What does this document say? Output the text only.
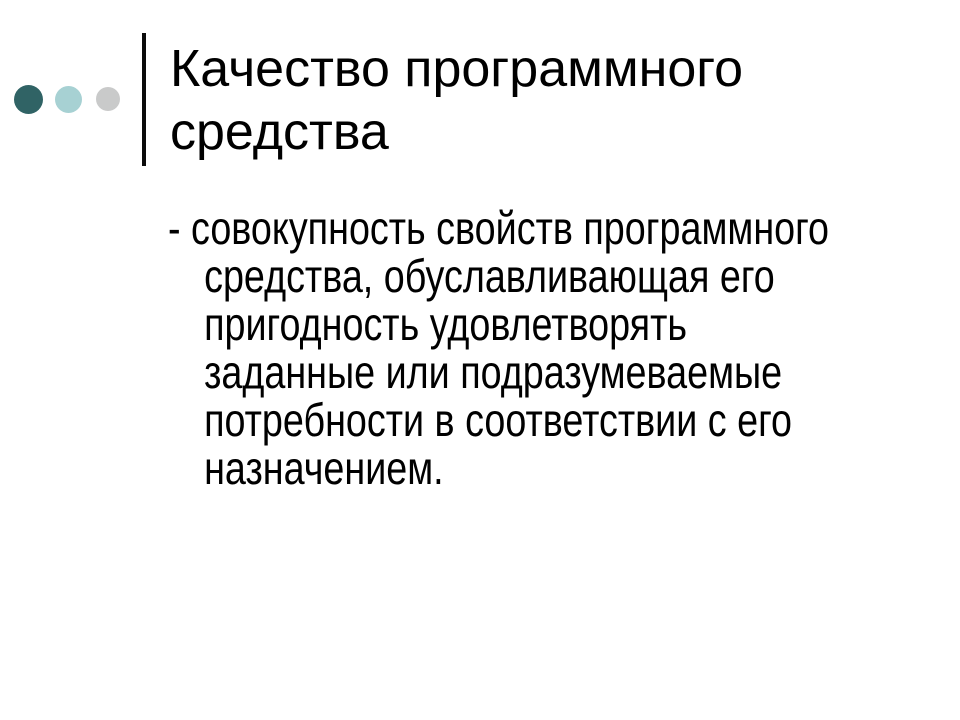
Качество программного
средства
- совокупность свойств программного
средства, обуславливающая его
пригодность удовлетворять
заданные или подразумеваемые
потребности в соответствии с его
назначением.
